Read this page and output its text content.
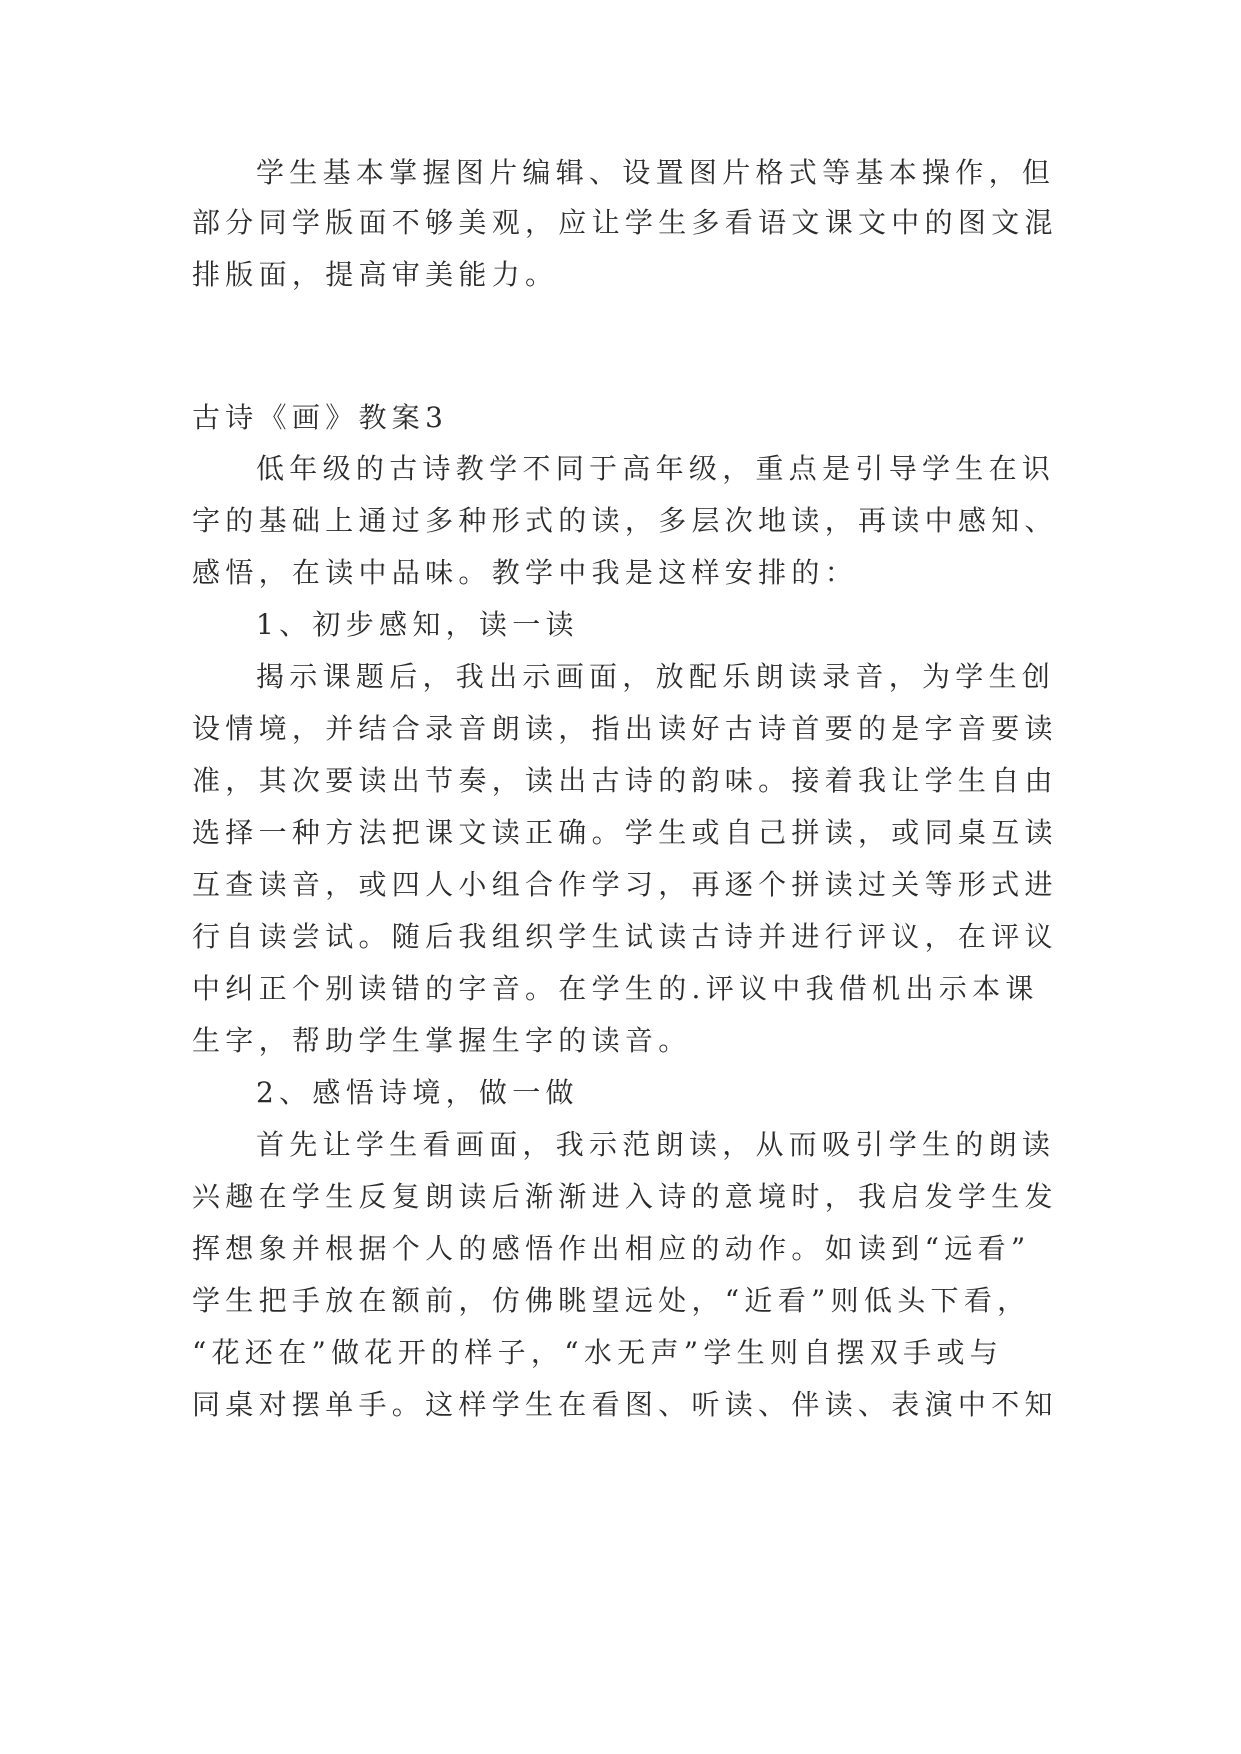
学生基本掌握图片编辑、设置图片格式等基本操作，但
部分同学版面不够美观，应让学生多看语文课文中的图文混
排版面，提高审美能力。
古诗《画》教案3
低年级的古诗教学不同于高年级，重点是引导学生在识
字的基础上通过多种形式的读，多层次地读，再读中感知、
感悟，在读中品味。教学中我是这样安排的：
1、初步感知，读一读
揭示课题后，我出示画面，放配乐朗读录音，为学生创
设情境，并结合录音朗读，指出读好古诗首要的是字音要读
准，其次要读出节奏，读出古诗的韵味。接着我让学生自由
选择一种方法把课文读正确。学生或自己拼读，或同桌互读
互查读音，或四人小组合作学习，再逐个拼读过关等形式进
行自读尝试。随后我组织学生试读古诗并进行评议，在评议
中纠正个别读错的字音。在学生的.评议中我借机出示本课
生字，帮助学生掌握生字的读音。
2、感悟诗境，做一做
首先让学生看画面，我示范朗读，从而吸引学生的朗读
兴趣在学生反复朗读后渐渐进入诗的意境时，我启发学生发
挥想象并根据个人的感悟作出相应的动作。如读到“远看”
学生把手放在额前，仿佛眺望远处，“近看”则低头下看，
“花还在”做花开的样子，“水无声”学生则自摆双手或与
同桌对摆单手。这样学生在看图、听读、伴读、表演中不知
